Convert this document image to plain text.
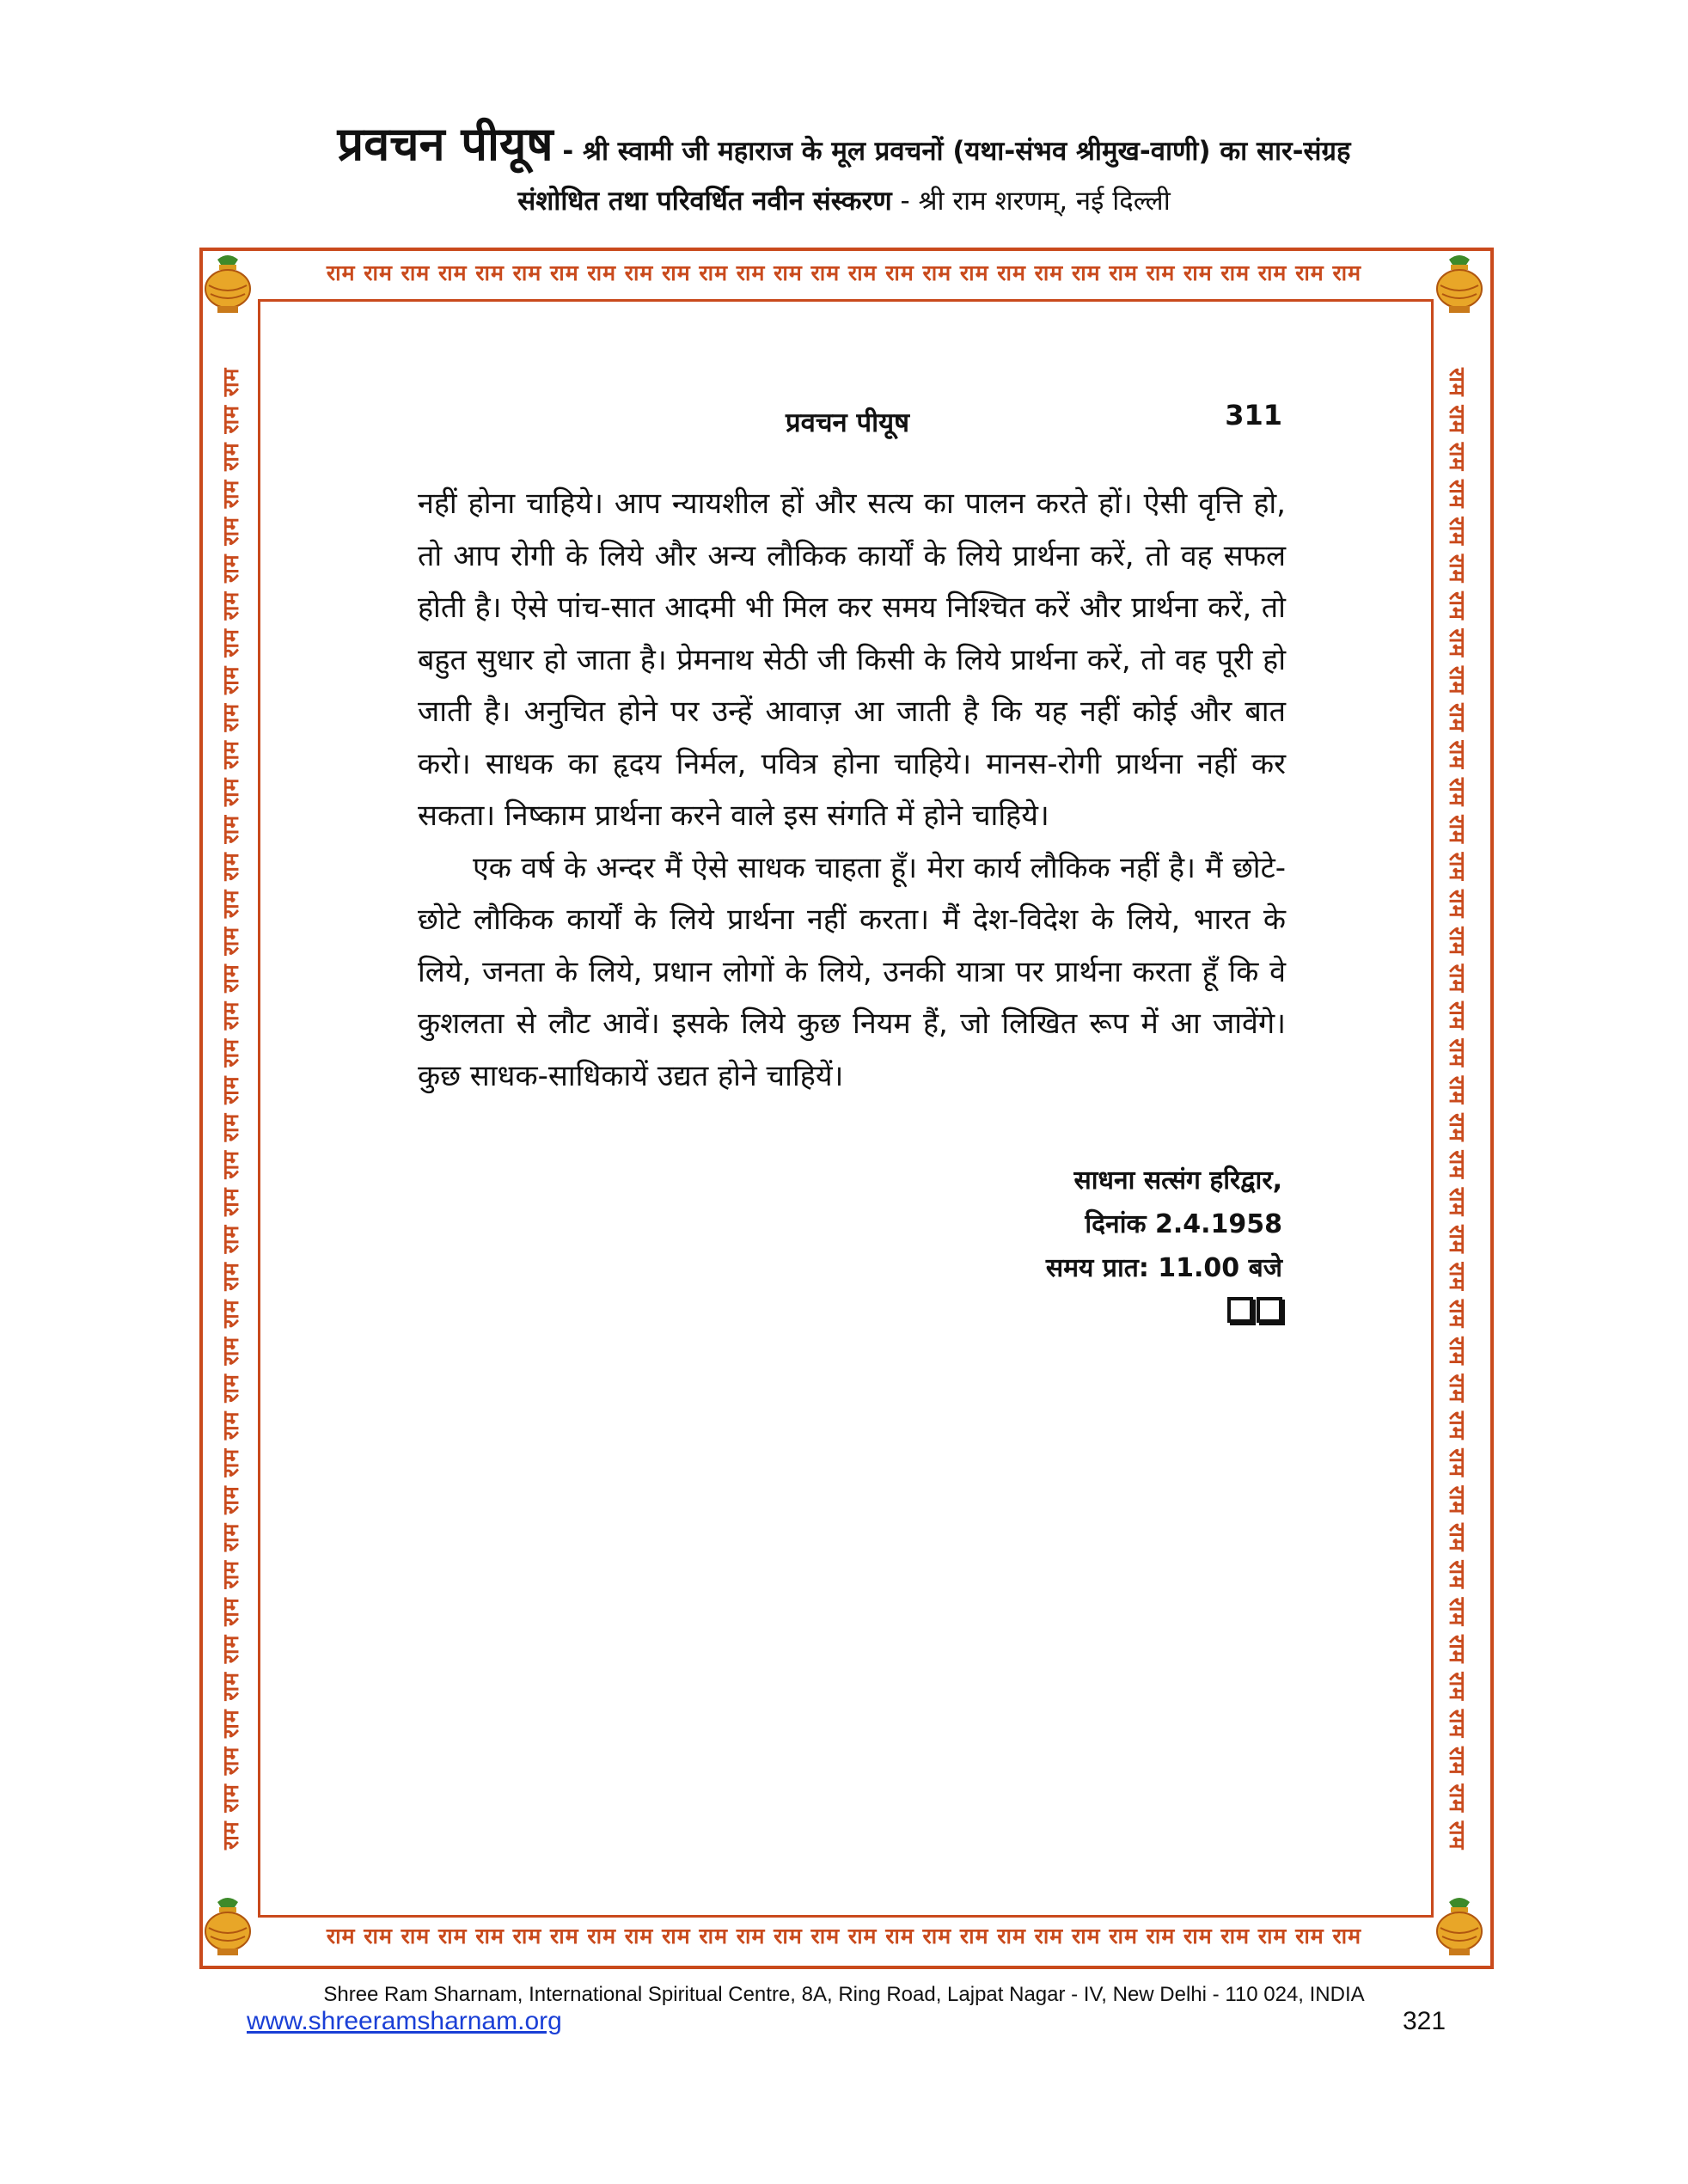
प्रवचन पीयूष - श्री स्वामी जी महाराज के मूल प्रवचनों (यथा-संभव श्रीमुख-वाणी) का सार-संग्रह
संशोधित तथा परिवर्धित नवीन संस्करण - श्री राम शरणम्, नई दिल्ली
राम राम राम राम राम राम राम राम राम राम राम राम राम राम राम राम राम राम राम राम राम राम राम राम राम राम राम राम
राम राम राम राम राम राम राम राम राम राम राम राम राम राम राम राम राम राम राम राम राम राम राम राम राम राम राम राम
राम राम राम राम राम राम राम राम राम राम राम राम राम राम राम राम राम राम राम राम राम राम राम राम राम राम राम राम राम राम राम राम राम राम राम राम राम राम राम राम	राम राम राम राम राम राम राम राम राम राम राम राम राम राम राम राम राम राम राम राम राम राम राम राम राम राम राम राम राम राम राम राम राम राम राम राम राम राम राम राम
प्रवचन पीयूष	311

नहीं होना चाहिये। आप न्यायशील हों और सत्य का पालन करते हों। ऐसी वृत्ति हो, तो आप रोगी के लिये और अन्य लौकिक कार्यों के लिये प्रार्थना करें, तो वह सफल होती है। ऐसे पांच-सात आदमी भी मिल कर समय निश्चित करें और प्रार्थना करें, तो बहुत सुधार हो जाता है। प्रेमनाथ सेठी जी किसी के लिये प्रार्थना करें, तो वह पूरी हो जाती है। अनुचित होने पर उन्हें आवाज़ आ जाती है कि यह नहीं कोई और बात करो। साधक का हृदय निर्मल, पवित्र होना चाहिये। मानस-रोगी प्रार्थना नहीं कर सकता। निष्काम प्रार्थना करने वाले इस संगति में होने चाहिये।

एक वर्ष के अन्दर मैं ऐसे साधक चाहता हूँ। मेरा कार्य लौकिक नहीं है। मैं छोटे-छोटे लौकिक कार्यों के लिये प्रार्थना नहीं करता। मैं देश-विदेश के लिये, भारत के लिये, जनता के लिये, प्रधान लोगों के लिये, उनकी यात्रा पर प्रार्थना करता हूँ कि वे कुशलता से लौट आवें। इसके लिये कुछ नियम हैं, जो लिखित रूप में आ जावेंगे। कुछ साधक-साधिकायें उद्यत होने चाहियें।

साधना सत्संग हरिद्वार,
दिनांक 2.4.1958
समय प्रात: 11.00 बजे
Shree Ram Sharnam, International Spiritual Centre, 8A, Ring Road, Lajpat Nagar - IV, New Delhi - 110 024, INDIA
www.shreeramsharnam.org	321
